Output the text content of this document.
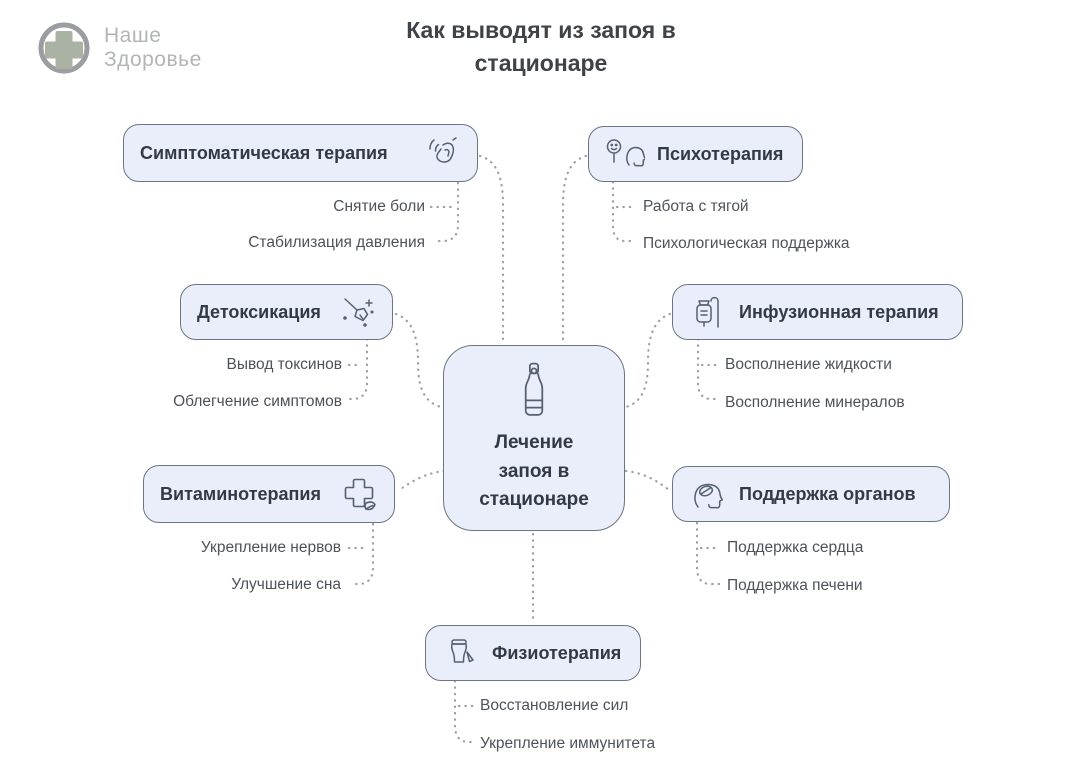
Наше
Здоровье
Как выводят из запоя в стационаре
Лечение запоя в стационаре
Симптоматическая терапия	Психотерапия
Детоксикация	Инфузионная терапия
Витаминотерапия	Поддержка органов
Физиотерапия
Снятие боли
Стабилизация давления
Работа с тягой
Психологическая поддержка
Вывод токсинов
Облегчение симптомов
Восполнение жидкости
Восполнение минералов
Укрепление нервов
Улучшение сна
Поддержка сердца
Поддержка печени
Восстановление сил
Укрепление иммунитета
